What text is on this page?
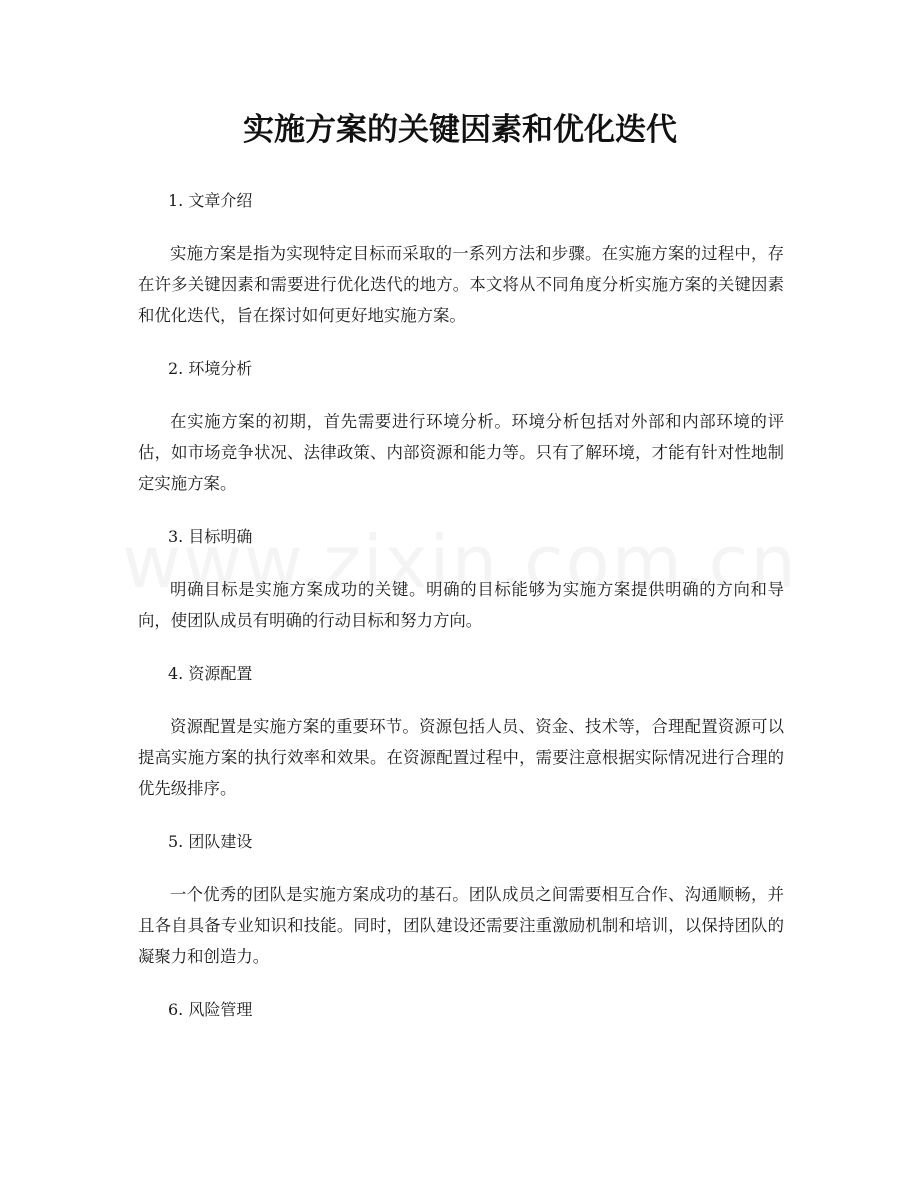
实施方案的关键因素和优化迭代
1. 文章介绍

实施方案是指为实现特定目标而采取的一系列方法和步骤。在实施方案的过程中，存在许多关键因素和需要进行优化迭代的地方。本文将从不同角度分析实施方案的关键因素和优化迭代，旨在探讨如何更好地实施方案。

2. 环境分析

在实施方案的初期，首先需要进行环境分析。环境分析包括对外部和内部环境的评估，如市场竞争状况、法律政策、内部资源和能力等。只有了解环境，才能有针对性地制定实施方案。

3. 目标明确

明确目标是实施方案成功的关键。明确的目标能够为实施方案提供明确的方向和导向，使团队成员有明确的行动目标和努力方向。

4. 资源配置

资源配置是实施方案的重要环节。资源包括人员、资金、技术等，合理配置资源可以提高实施方案的执行效率和效果。在资源配置过程中，需要注意根据实际情况进行合理的优先级排序。

5. 团队建设

一个优秀的团队是实施方案成功的基石。团队成员之间需要相互合作、沟通顺畅，并且各自具备专业知识和技能。同时，团队建设还需要注重激励机制和培训，以保持团队的凝聚力和创造力。

6. 风险管理
